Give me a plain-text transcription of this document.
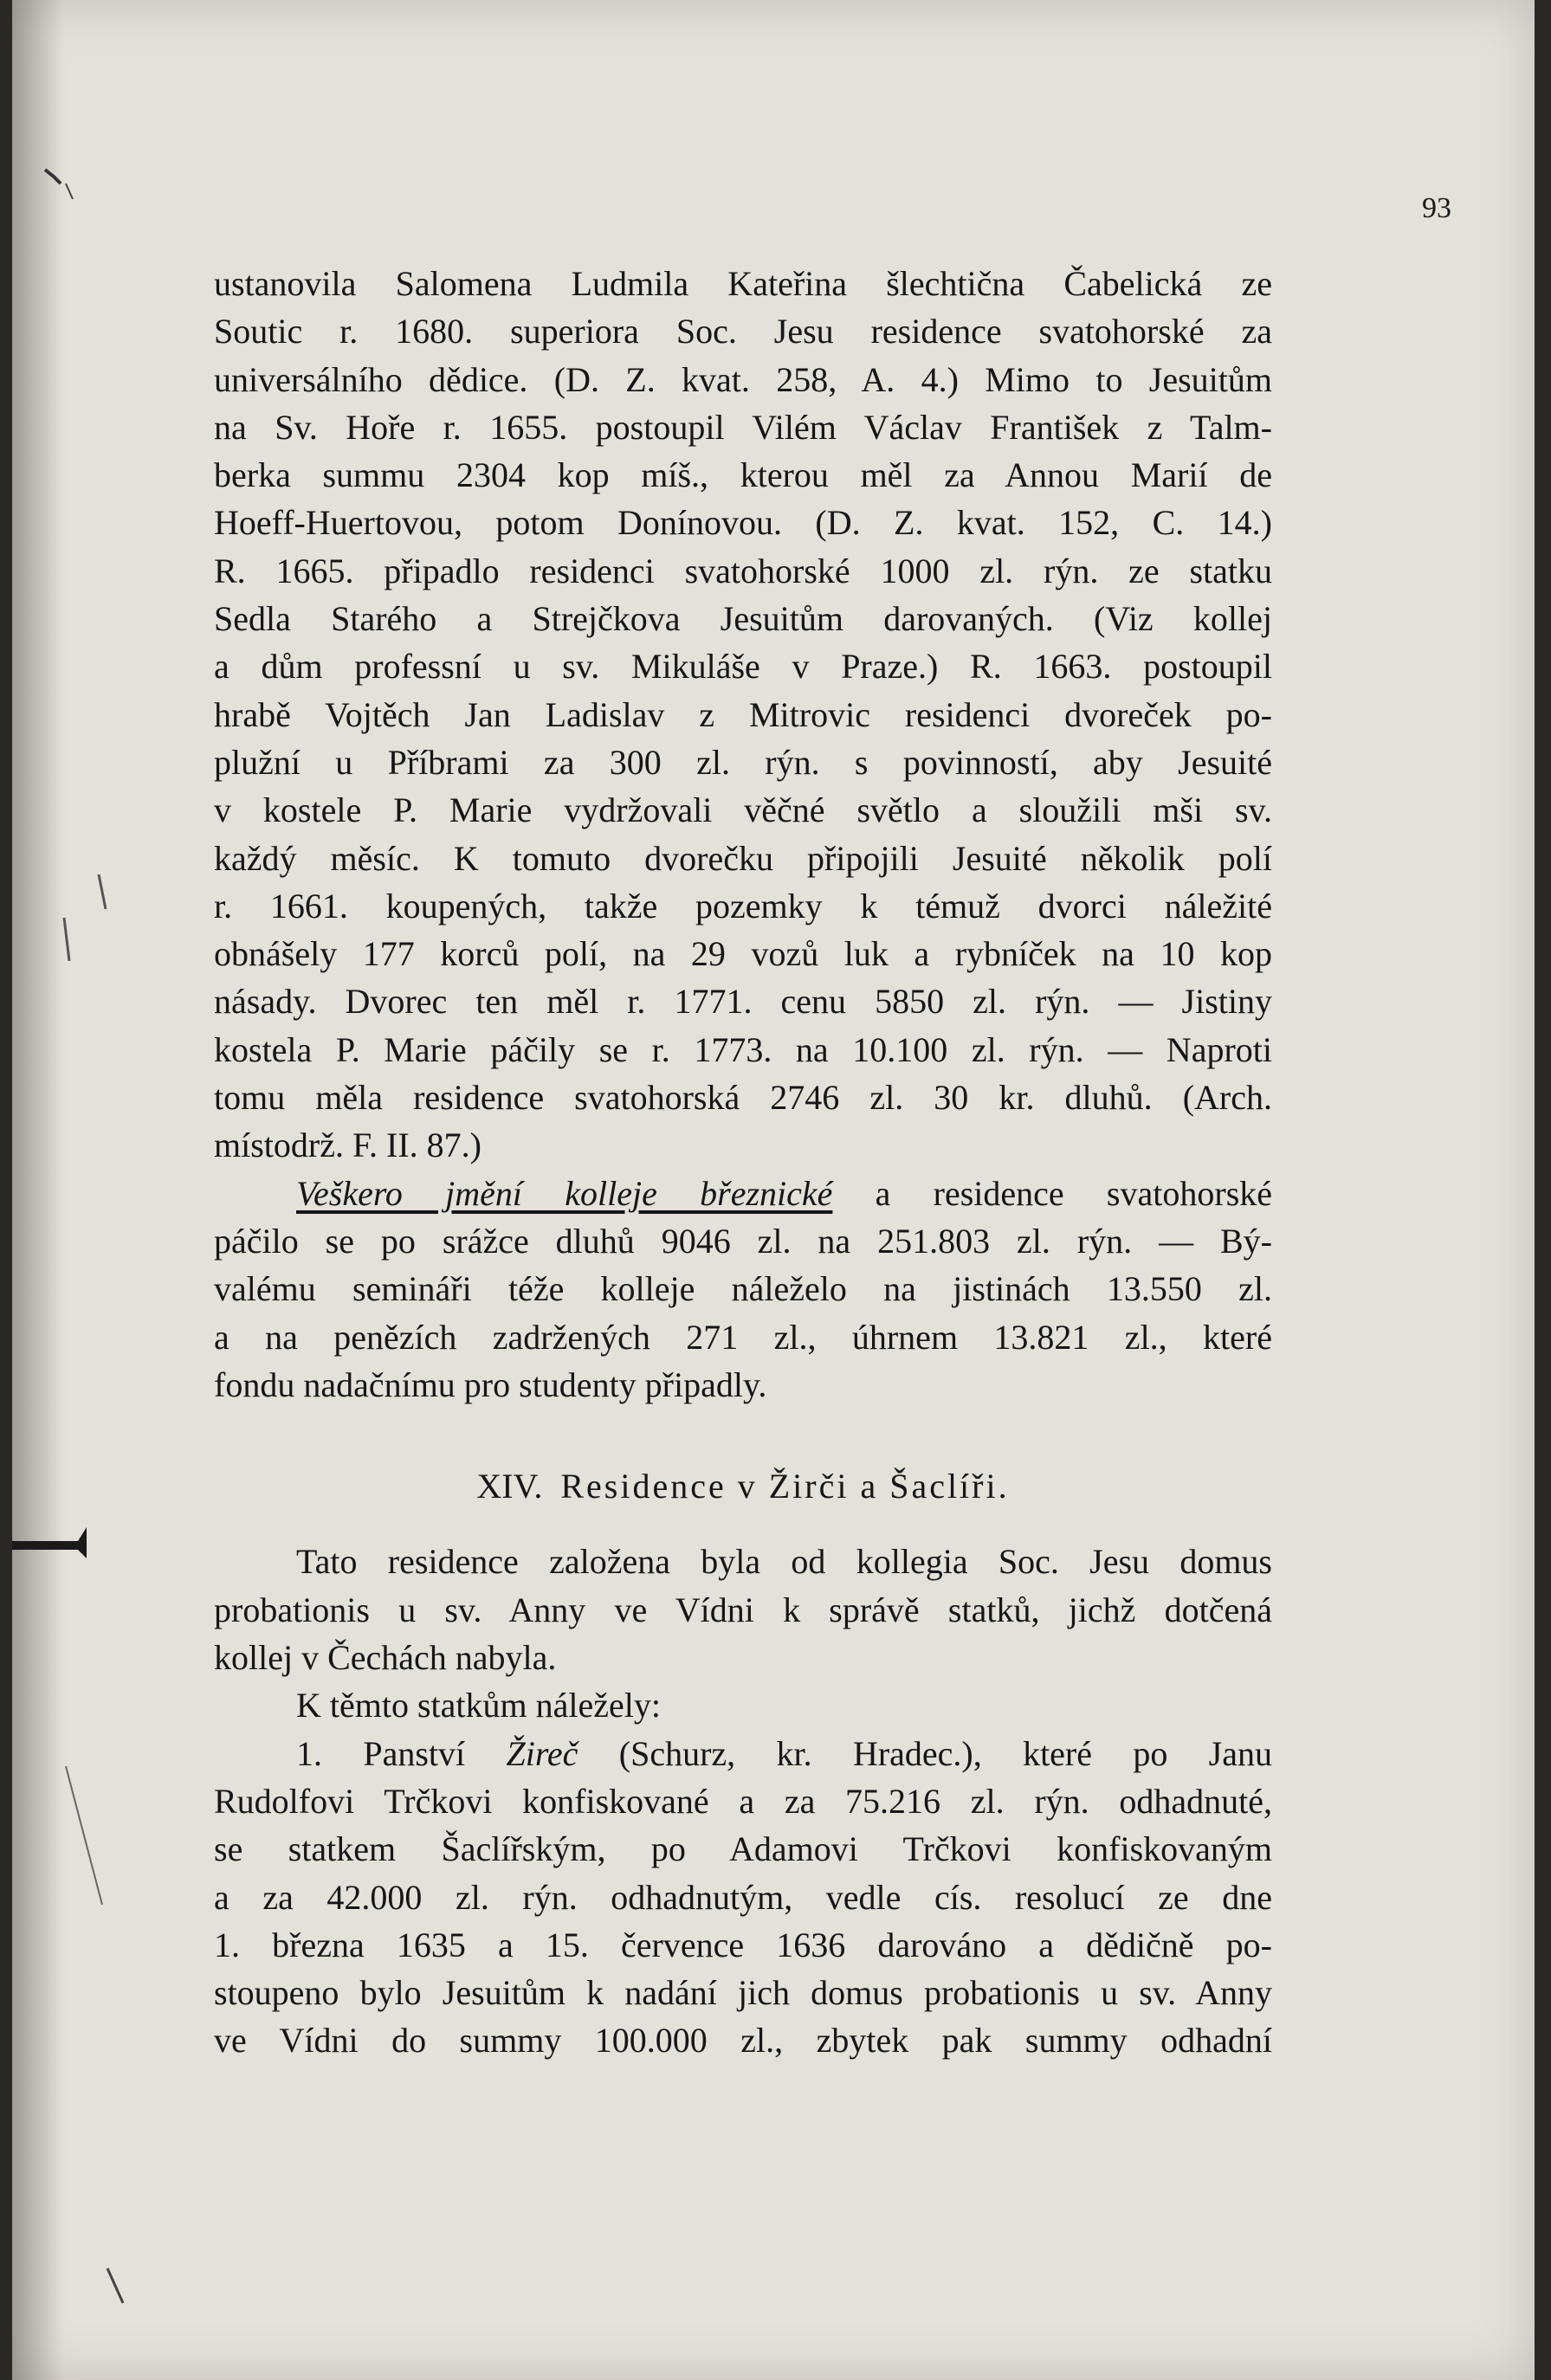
93

ustanovila Salomena Ludmila Kateřina šlechtična Čabelická ze
Soutic r. 1680. superiora Soc. Jesu residence svatohorské za
universálního dědice. (D. Z. kvat. 258, A. 4.) Mimo to Jesuitům
na Sv. Hoře r. 1655. postoupil Vilém Václav František z Talm-
berka summu 2304 kop míš., kterou měl za Annou Marií de
Hoeff-Huertovou, potom Donínovou. (D. Z. kvat. 152, C. 14.)
R. 1665. připadlo residenci svatohorské 1000 zl. rýn. ze statku
Sedla Starého a Strejčkova Jesuitům darovaných. (Viz kollej
a dům professní u sv. Mikuláše v Praze.) R. 1663. postoupil
hrabě Vojtěch Jan Ladislav z Mitrovic residenci dvoreček po-
plužní u Příbrami za 300 zl. rýn. s povinností, aby Jesuité
v kostele P. Marie vydržovali věčné světlo a sloužili mši sv.
každý měsíc. K tomuto dvorečku připojili Jesuité několik polí
r. 1661. koupených, takže pozemky k témuž dvorci náležité
obnášely 177 korců polí, na 29 vozů luk a rybníček na 10 kop
násady. Dvorec ten měl r. 1771. cenu 5850 zl. rýn. — Jistiny
kostela P. Marie páčily se r. 1773. na 10.100 zl. rýn. — Naproti
tomu měla residence svatohorská 2746 zl. 30 kr. dluhů. (Arch.
místodrž. F. II. 87.)
Veškero jmění kolleje březnické a residence svatohorské
páčilo se po srážce dluhů 9046 zl. na 251.803 zl. rýn. — Bý-
valému semináři téže kolleje náleželo na jistinách 13.550 zl.
a na penězích zadržených 271 zl., úhrnem 13.821 zl., které
fondu nadačnímu pro studenty připadly.
XIV. Residence v Žirči a Šaclíři.
Tato residence založena byla od kollegia Soc. Jesu domus
probationis u sv. Anny ve Vídni k správě statků, jichž dotčená
kollej v Čechách nabyla.
K těmto statkům náležely:
1. Panství Žireč (Schurz, kr. Hradec.), které po Janu
Rudolfovi Trčkovi konfiskované a za 75.216 zl. rýn. odhadnuté,
se statkem Šaclířským, po Adamovi Trčkovi konfiskovaným
a za 42.000 zl. rýn. odhadnutým, vedle cís. resolucí ze dne
1. března 1635 a 15. července 1636 darováno a dědičně po-
stoupeno bylo Jesuitům k nadání jich domus probationis u sv. Anny
ve Vídni do summy 100.000 zl., zbytek pak summy odhadní
